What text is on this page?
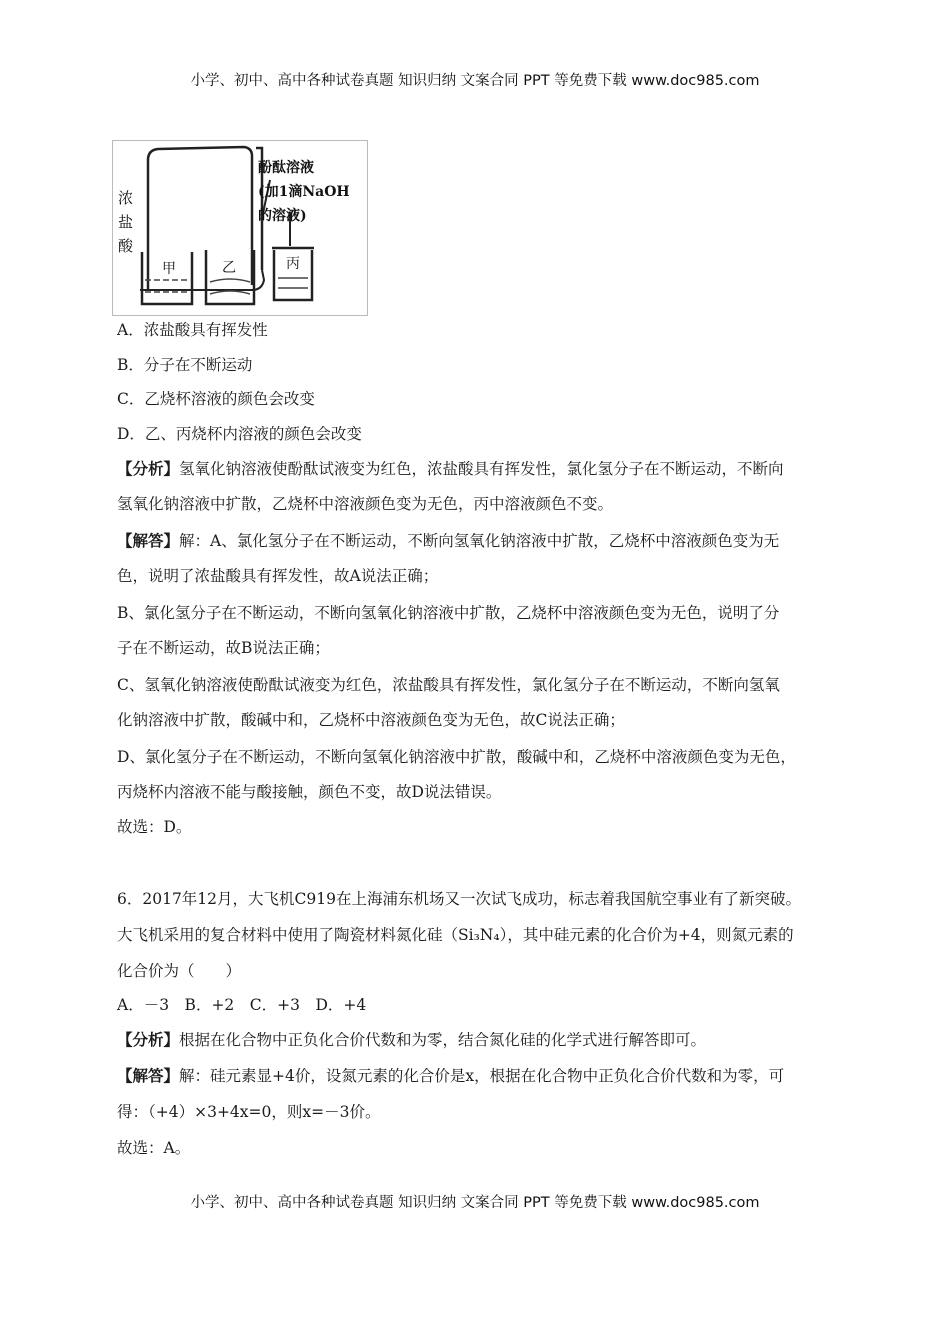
小学、初中、高中各种试卷真题 知识归纳 文案合同 PPT 等免费下载 www.doc985.com
浓
盐
酸
甲	乙	丙
酚酞溶液
(加1滴NaOH
的溶液)
A．浓盐酸具有挥发性
B．分子在不断运动
C．乙烧杯溶液的颜色会改变
D．乙、丙烧杯内溶液的颜色会改变
【分析】氢氧化钠溶液使酚酞试液变为红色，浓盐酸具有挥发性，氯化氢分子在不断运动，不断向
氢氧化钠溶液中扩散，乙烧杯中溶液颜色变为无色，丙中溶液颜色不变。
【解答】解：A、氯化氢分子在不断运动，不断向氢氧化钠溶液中扩散，乙烧杯中溶液颜色变为无
色，说明了浓盐酸具有挥发性，故A说法正确；
B、氯化氢分子在不断运动，不断向氢氧化钠溶液中扩散，乙烧杯中溶液颜色变为无色，说明了分
子在不断运动，故B说法正确；
C、氢氧化钠溶液使酚酞试液变为红色，浓盐酸具有挥发性，氯化氢分子在不断运动，不断向氢氧
化钠溶液中扩散，酸碱中和，乙烧杯中溶液颜色变为无色，故C说法正确；
D、氯化氢分子在不断运动，不断向氢氧化钠溶液中扩散，酸碱中和，乙烧杯中溶液颜色变为无色，
丙烧杯内溶液不能与酸接触，颜色不变，故D说法错误。
故选：D。
6．2017年12月，大飞机C919在上海浦东机场又一次试飞成功，标志着我国航空事业有了新突破。
大飞机采用的复合材料中使用了陶瓷材料氮化硅（Si₃N₄），其中硅元素的化合价为+4，则氮元素的
化合价为（　　）
A．－3　B．+2　C．+3　D．+4
【分析】根据在化合物中正负化合价代数和为零，结合氮化硅的化学式进行解答即可。
【解答】解：硅元素显+4价，设氮元素的化合价是x，根据在化合物中正负化合价代数和为零，可
得：（+4）×3+4x=0，则x=－3价。
故选：A。
小学、初中、高中各种试卷真题 知识归纳 文案合同 PPT 等免费下载 www.doc985.com
